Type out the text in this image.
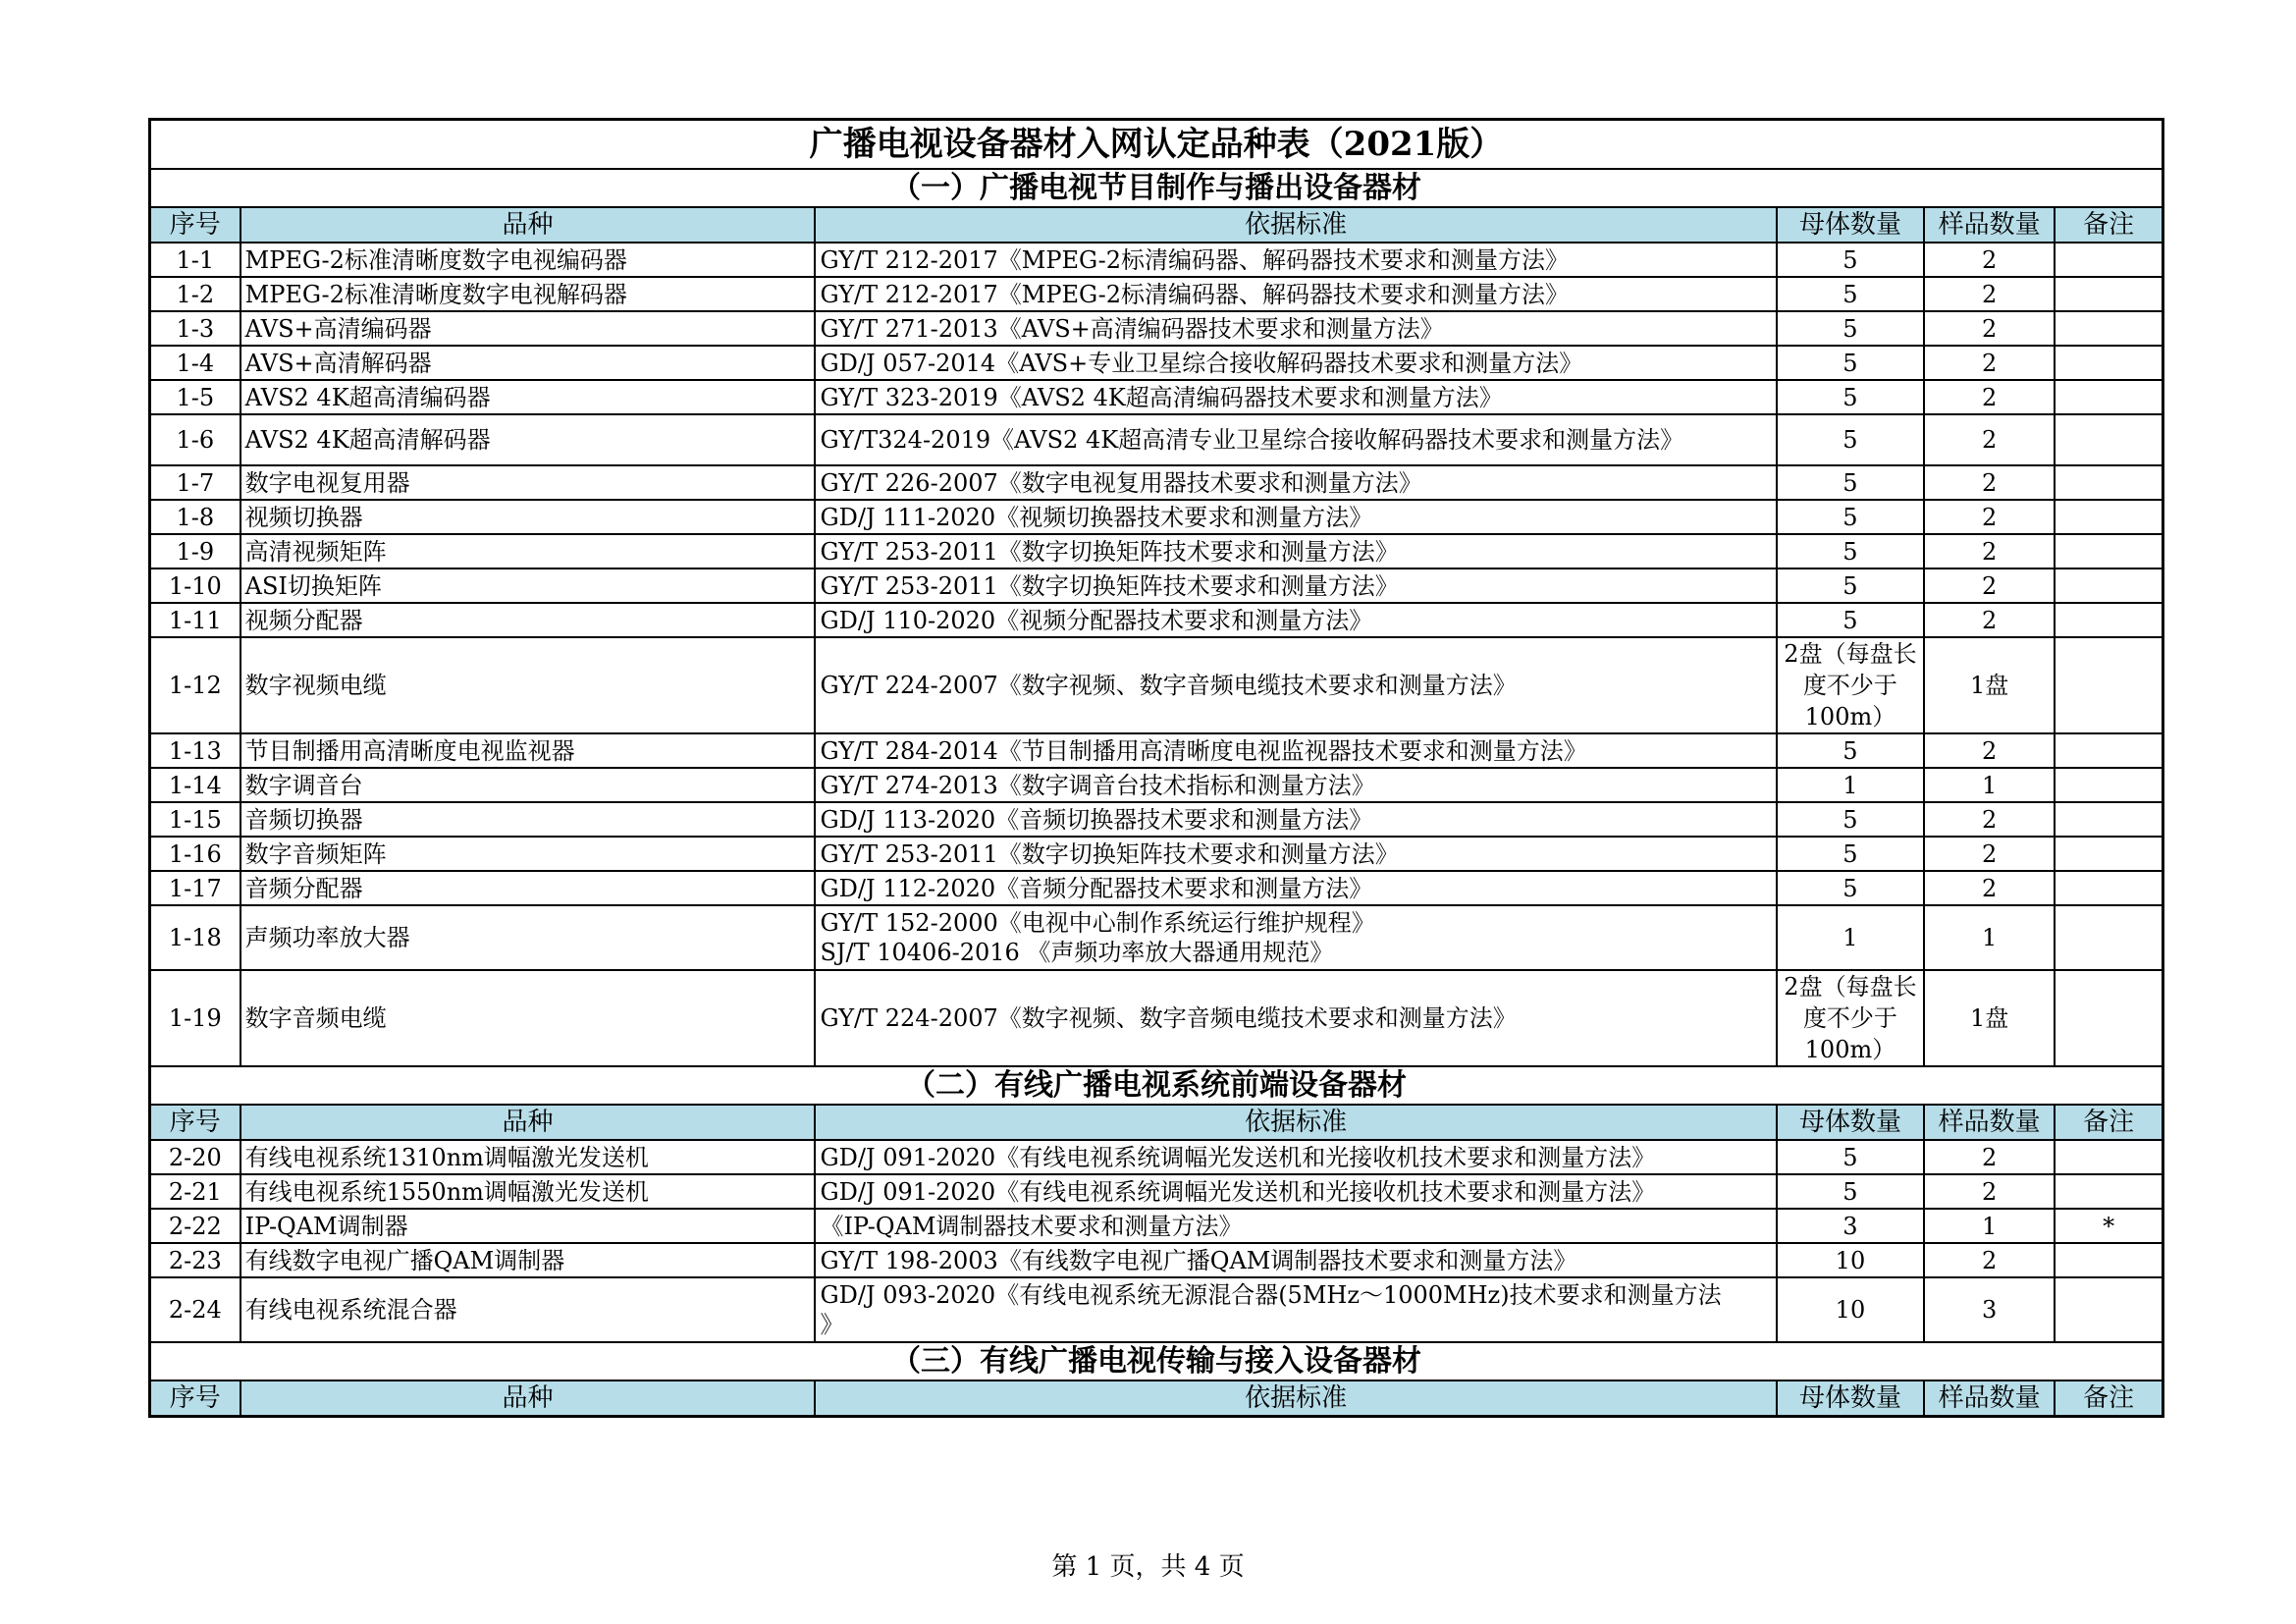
广播电视设备器材入网认定品种表（2021版）					
（一）广播电视节目制作与播出设备器材					
序号	品种	依据标准	母体数量	样品数量	备注
1-1	MPEG-2标准清晰度数字电视编码器	GY/T 212-2017《MPEG-2标清编码器、解码器技术要求和测量方法》	5	2	
1-2	MPEG-2标准清晰度数字电视解码器	GY/T 212-2017《MPEG-2标清编码器、解码器技术要求和测量方法》	5	2	
1-3	AVS+高清编码器	GY/T 271-2013《AVS+高清编码器技术要求和测量方法》	5	2	
1-4	AVS+高清解码器	GD/J 057-2014《AVS+专业卫星综合接收解码器技术要求和测量方法》	5	2	
1-5	AVS2 4K超高清编码器	GY/T 323-2019《AVS2 4K超高清编码器技术要求和测量方法》	5	2	
1-6	AVS2 4K超高清解码器	GY/T324-2019《AVS2 4K超高清专业卫星综合接收解码器技术要求和测量方法》	5	2	
1-7	数字电视复用器	GY/T 226-2007《数字电视复用器技术要求和测量方法》	5	2	
1-8	视频切换器	GD/J 111-2020《视频切换器技术要求和测量方法》	5	2	
1-9	高清视频矩阵	GY/T 253-2011《数字切换矩阵技术要求和测量方法》	5	2	
1-10	ASI切换矩阵	GY/T 253-2011《数字切换矩阵技术要求和测量方法》	5	2	
1-11	视频分配器	GD/J 110-2020《视频分配器技术要求和测量方法》	5	2	
1-12	数字视频电缆	GY/T 224-2007《数字视频、数字音频电缆技术要求和测量方法》	2盘（每盘长度不少于100m）	1盘	
1-13	节目制播用高清晰度电视监视器	GY/T 284-2014《节目制播用高清晰度电视监视器技术要求和测量方法》	5	2	
1-14	数字调音台	GY/T 274-2013《数字调音台技术指标和测量方法》	1	1	
1-15	音频切换器	GD/J 113-2020《音频切换器技术要求和测量方法》	5	2	
1-16	数字音频矩阵	GY/T 253-2011《数字切换矩阵技术要求和测量方法》	5	2	
1-17	音频分配器	GD/J 112-2020《音频分配器技术要求和测量方法》	5	2	
1-18	声频功率放大器	GY/T 152-2000《电视中心制作系统运行维护规程》
SJ/T 10406-2016 《声频功率放大器通用规范》	1	1	
1-19	数字音频电缆	GY/T 224-2007《数字视频、数字音频电缆技术要求和测量方法》	2盘（每盘长度不少于100m）	1盘	
（二）有线广播电视系统前端设备器材					
序号	品种	依据标准	母体数量	样品数量	备注
2-20	有线电视系统1310nm调幅激光发送机	GD/J 091-2020《有线电视系统调幅光发送机和光接收机技术要求和测量方法》	5	2	
2-21	有线电视系统1550nm调幅激光发送机	GD/J 091-2020《有线电视系统调幅光发送机和光接收机技术要求和测量方法》	5	2	
2-22	IP-QAM调制器	《IP-QAM调制器技术要求和测量方法》	3	1	*
2-23	有线数字电视广播QAM调制器	GY/T 198-2003《有线数字电视广播QAM调制器技术要求和测量方法》	10	2	
2-24	有线电视系统混合器	GD/J 093-2020《有线电视系统无源混合器(5MHz～1000MHz)技术要求和测量方法
》	10	3	
（三）有线广播电视传输与接入设备器材					
序号	品种	依据标准	母体数量	样品数量	备注
第 1 页，共 4 页
